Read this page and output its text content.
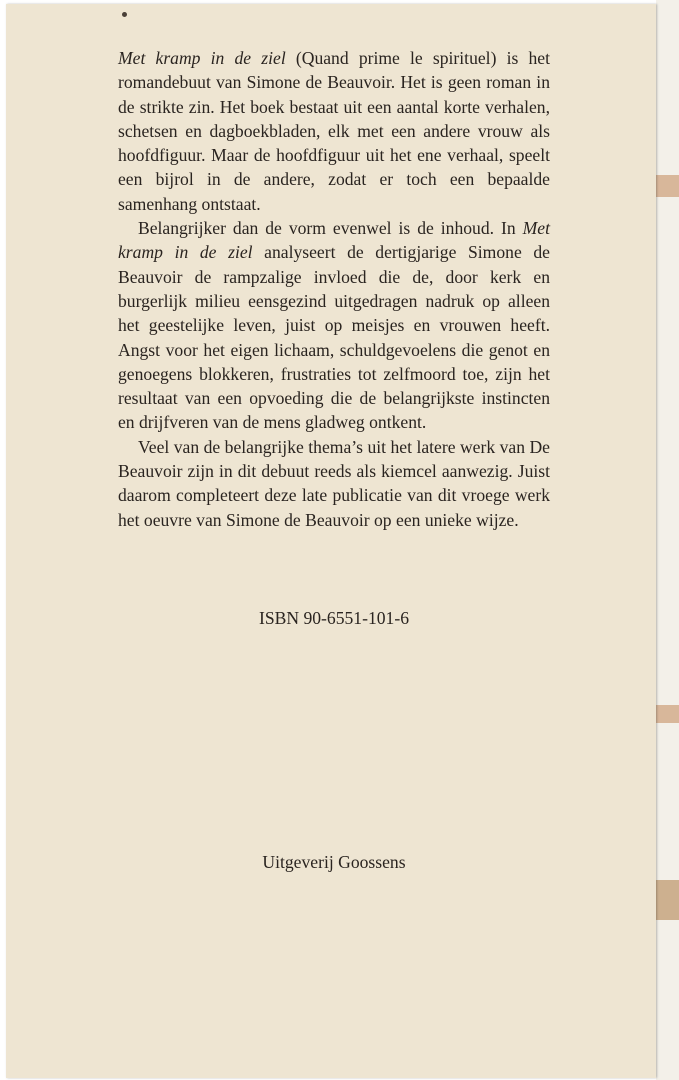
Met kramp in de ziel (Quand prime le spirituel) is het romandebuut van Simone de Beauvoir. Het is geen roman in de strikte zin. Het boek bestaat uit een aantal korte verhalen, schetsen en dagboekbladen, elk met een andere vrouw als hoofdfiguur. Maar de hoofdfiguur uit het ene verhaal, speelt een bijrol in de andere, zodat er toch een bepaalde samenhang ontstaat.

Belangrijker dan de vorm evenwel is de inhoud. In Met kramp in de ziel analyseert de dertigjarige Simone de Beauvoir de rampzalige invloed die de, door kerk en burgerlijk milieu eensgezind uitgedragen nadruk op alleen het geestelijke leven, juist op meisjes en vrouwen heeft. Angst voor het eigen lichaam, schuldgevoelens die genot en genoegens blokkeren, frustraties tot zelfmoord toe, zijn het resultaat van een opvoeding die de belangrijkste instincten en drijfveren van de mens gladweg ontkent.

Veel van de belangrijke thema’s uit het latere werk van De Beauvoir zijn in dit debuut reeds als kiemcel aanwezig. Juist daarom completeert deze late publicatie van dit vroege werk het oeuvre van Simone de Beauvoir op een unieke wijze.

ISBN 90-6551-101-6
Uitgeverij Goossens
